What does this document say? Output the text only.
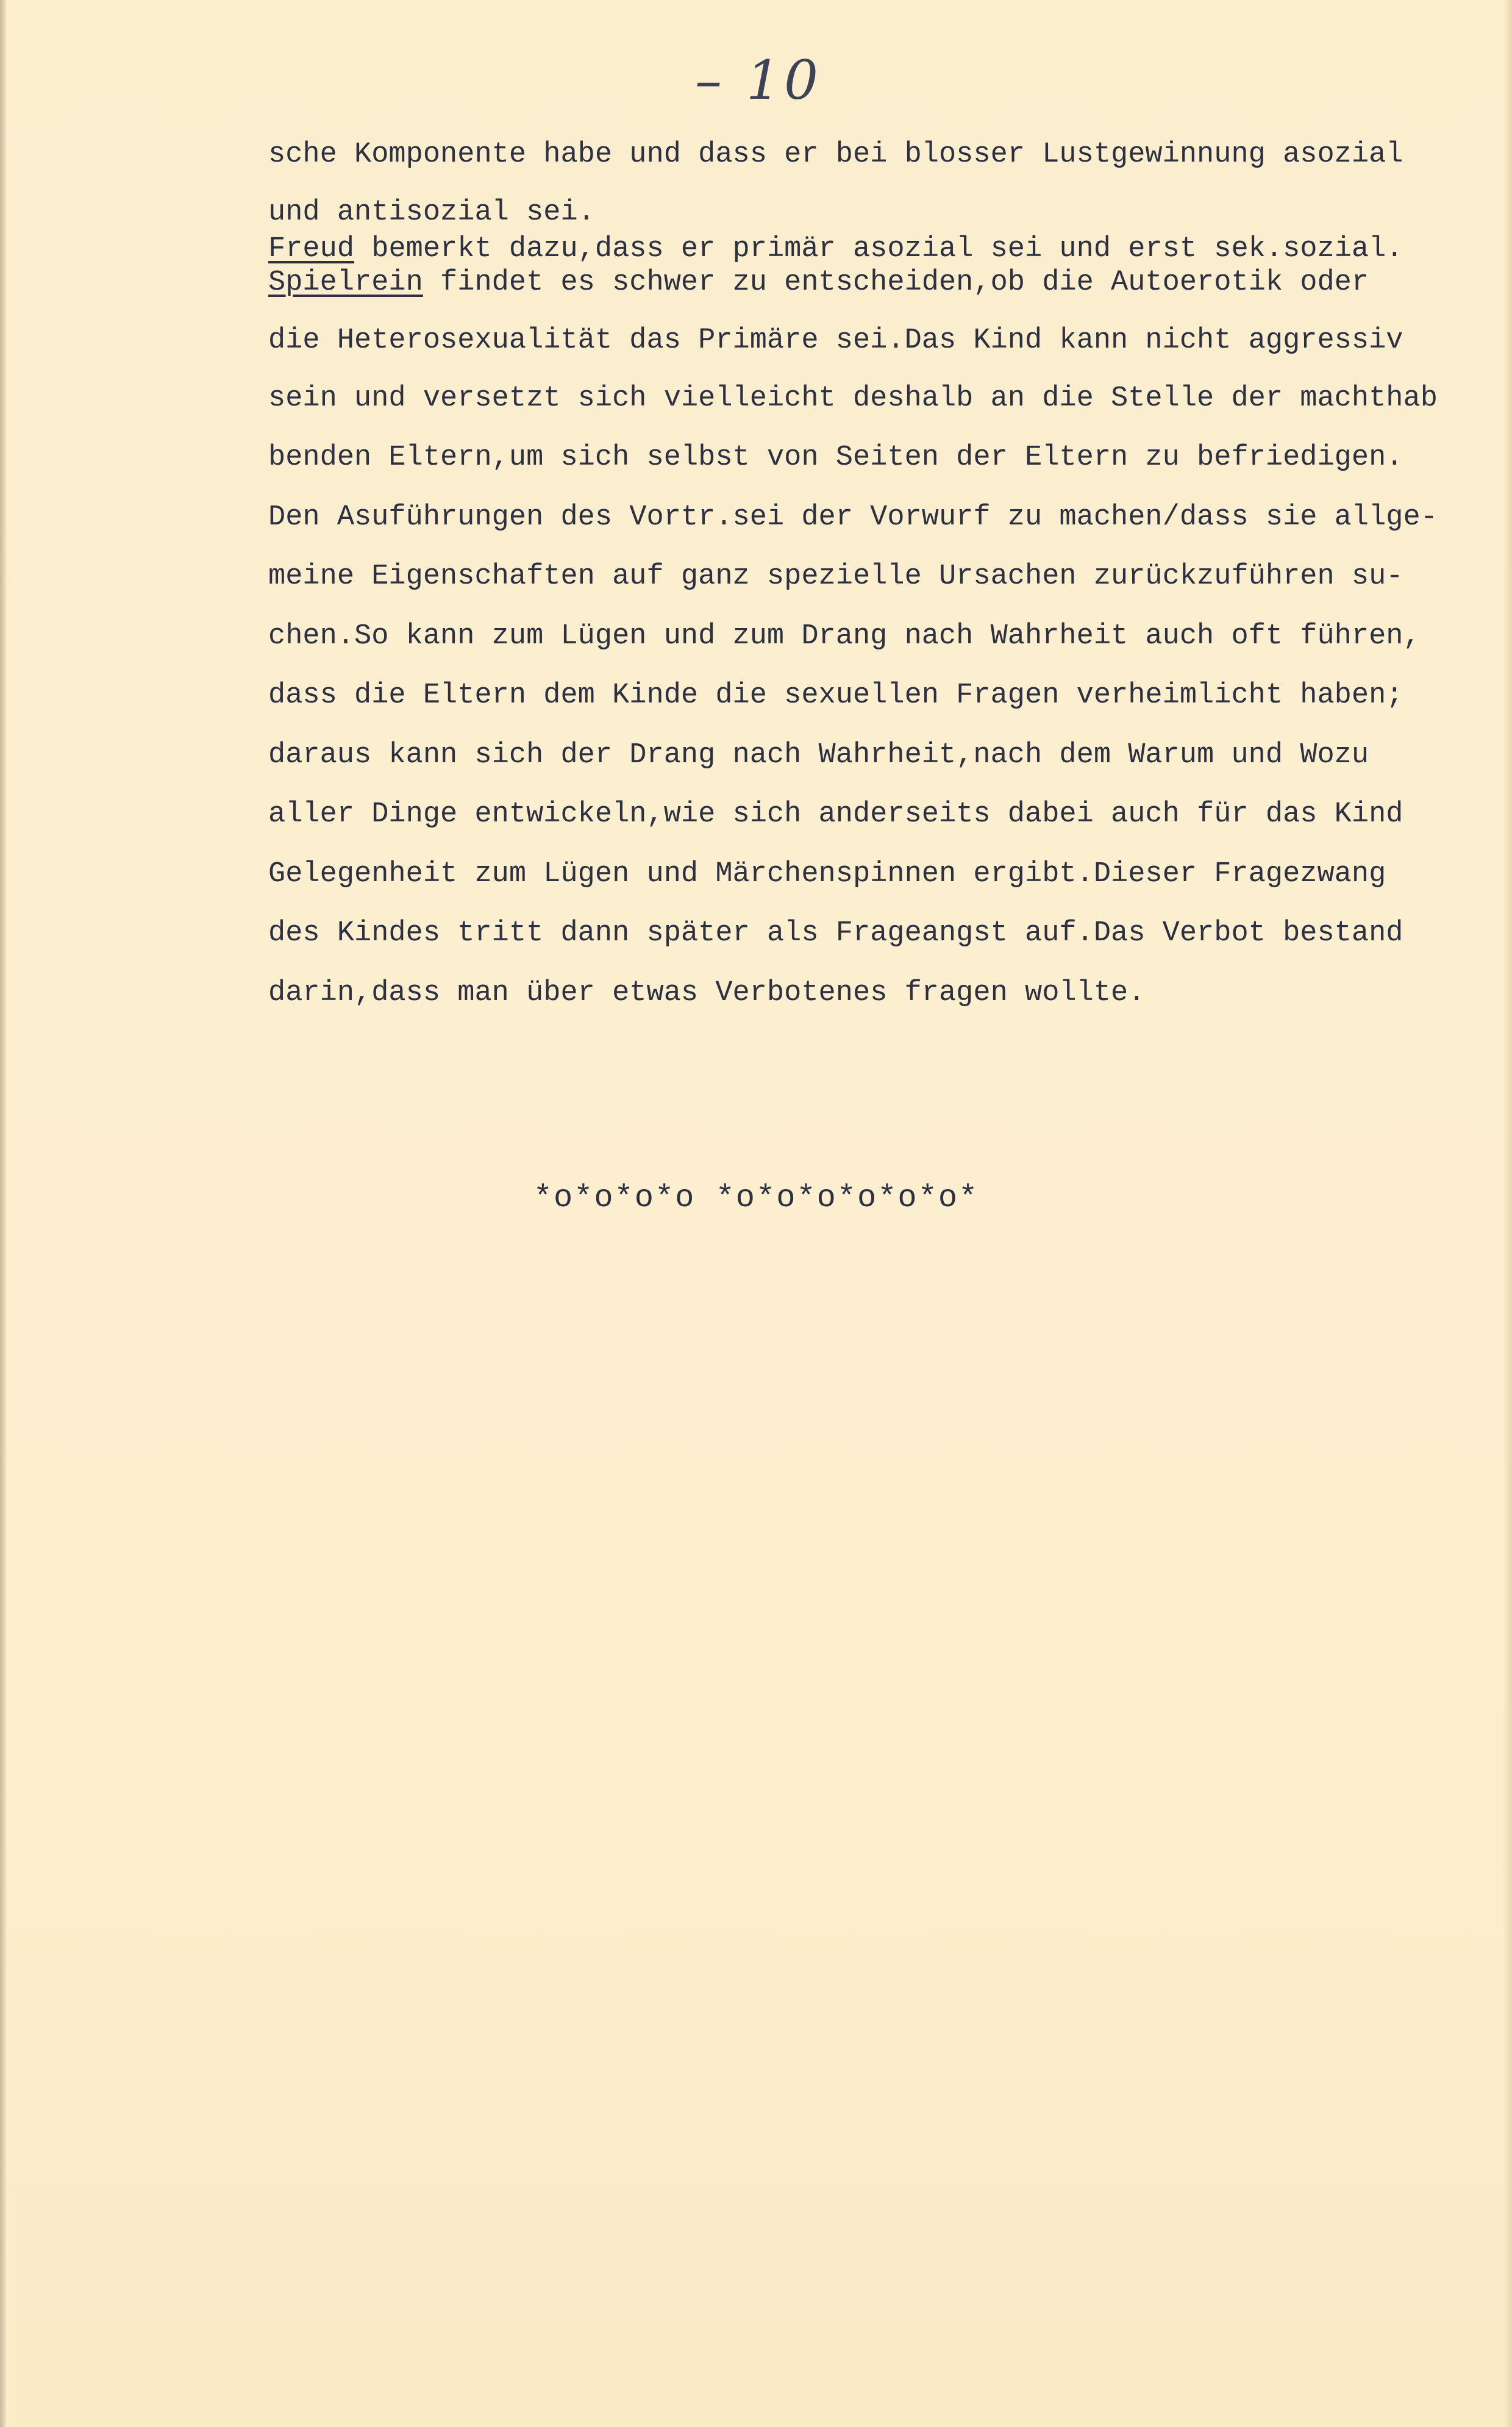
– 10
sche Komponente habe und dass er bei blosser Lustgewinnung asozial
und antisozial sei.
Freud bemerkt dazu,dass er primär asozial sei und erst sek.sozial.
Spielrein findet es schwer zu entscheiden,ob die Autoerotik oder
die Heterosexualität das Primäre sei.Das Kind kann nicht aggressiv
sein und versetzt sich vielleicht deshalb an die Stelle der machthab
benden Eltern,um sich selbst von Seiten der Eltern zu befriedigen.
Den Asuführungen des Vortr.sei der Vorwurf zu machen/dass sie allge-
meine Eigenschaften auf ganz spezielle Ursachen zurückzuführen su-
chen.So kann zum Lügen und zum Drang nach Wahrheit auch oft führen,
dass die Eltern dem Kinde die sexuellen Fragen verheimlicht haben;
daraus kann sich der Drang nach Wahrheit,nach dem Warum und Wozu
aller Dinge entwickeln,wie sich anderseits dabei auch für das Kind
Gelegenheit zum Lügen und Märchenspinnen ergibt.Dieser Fragezwang
des Kindes tritt dann später als Frageangst auf.Das Verbot bestand
darin,dass man über etwas Verbotenes fragen wollte.
*o*o*o*o *o*o*o*o*o*o*
